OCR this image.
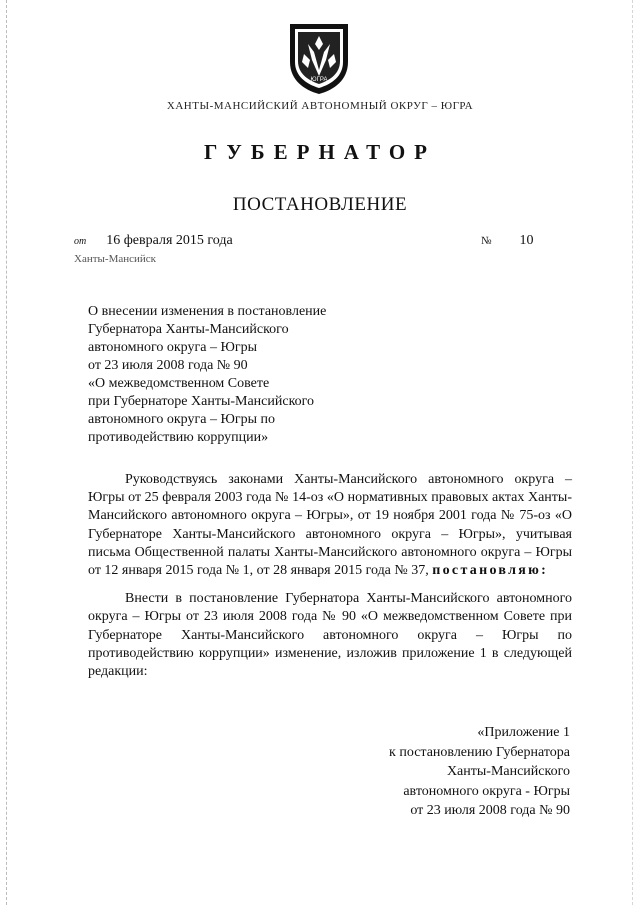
ЮГРА
ХАНТЫ-МАНСИЙСКИЙ АВТОНОМНЫЙ ОКРУГ – ЮГРА
ГУБЕРНАТОР
ПОСТАНОВЛЕНИЕ
от 16 февраля 2015 года	№ 10
Ханты-Мансийск
О внесении изменения в постановление
Губернатора Ханты-Мансийского
автономного округа – Югры
от 23 июля 2008 года № 90
«О межведомственном Совете
при Губернаторе Ханты-Мансийского
автономного округа – Югры по
противодействию коррупции»

Руководствуясь законами Ханты-Мансийского автономного округа – Югры от 25 февраля 2003 года № 14-оз «О нормативных правовых актах Ханты-Мансийского автономного округа – Югры», от 19 ноября 2001 года № 75-оз «О Губернаторе Ханты-Мансийского автономного округа – Югры», учитывая письма Общественной палаты Ханты-Мансийского автономного округа – Югры от 12 января 2015 года № 1, от 28 января 2015 года № 37, постановляю:

Внести в постановление Губернатора Ханты-Мансийского автономного округа – Югры от 23 июля 2008 года № 90 «О межведомственном Совете при Губернаторе Ханты-Мансийского автономного округа – Югры по противодействию коррупции» изменение, изложив приложение 1 в следующей редакции:

«Приложение 1
к постановлению Губернатора
Ханты-Мансийского
автономного округа - Югры
от 23 июля 2008 года № 90
